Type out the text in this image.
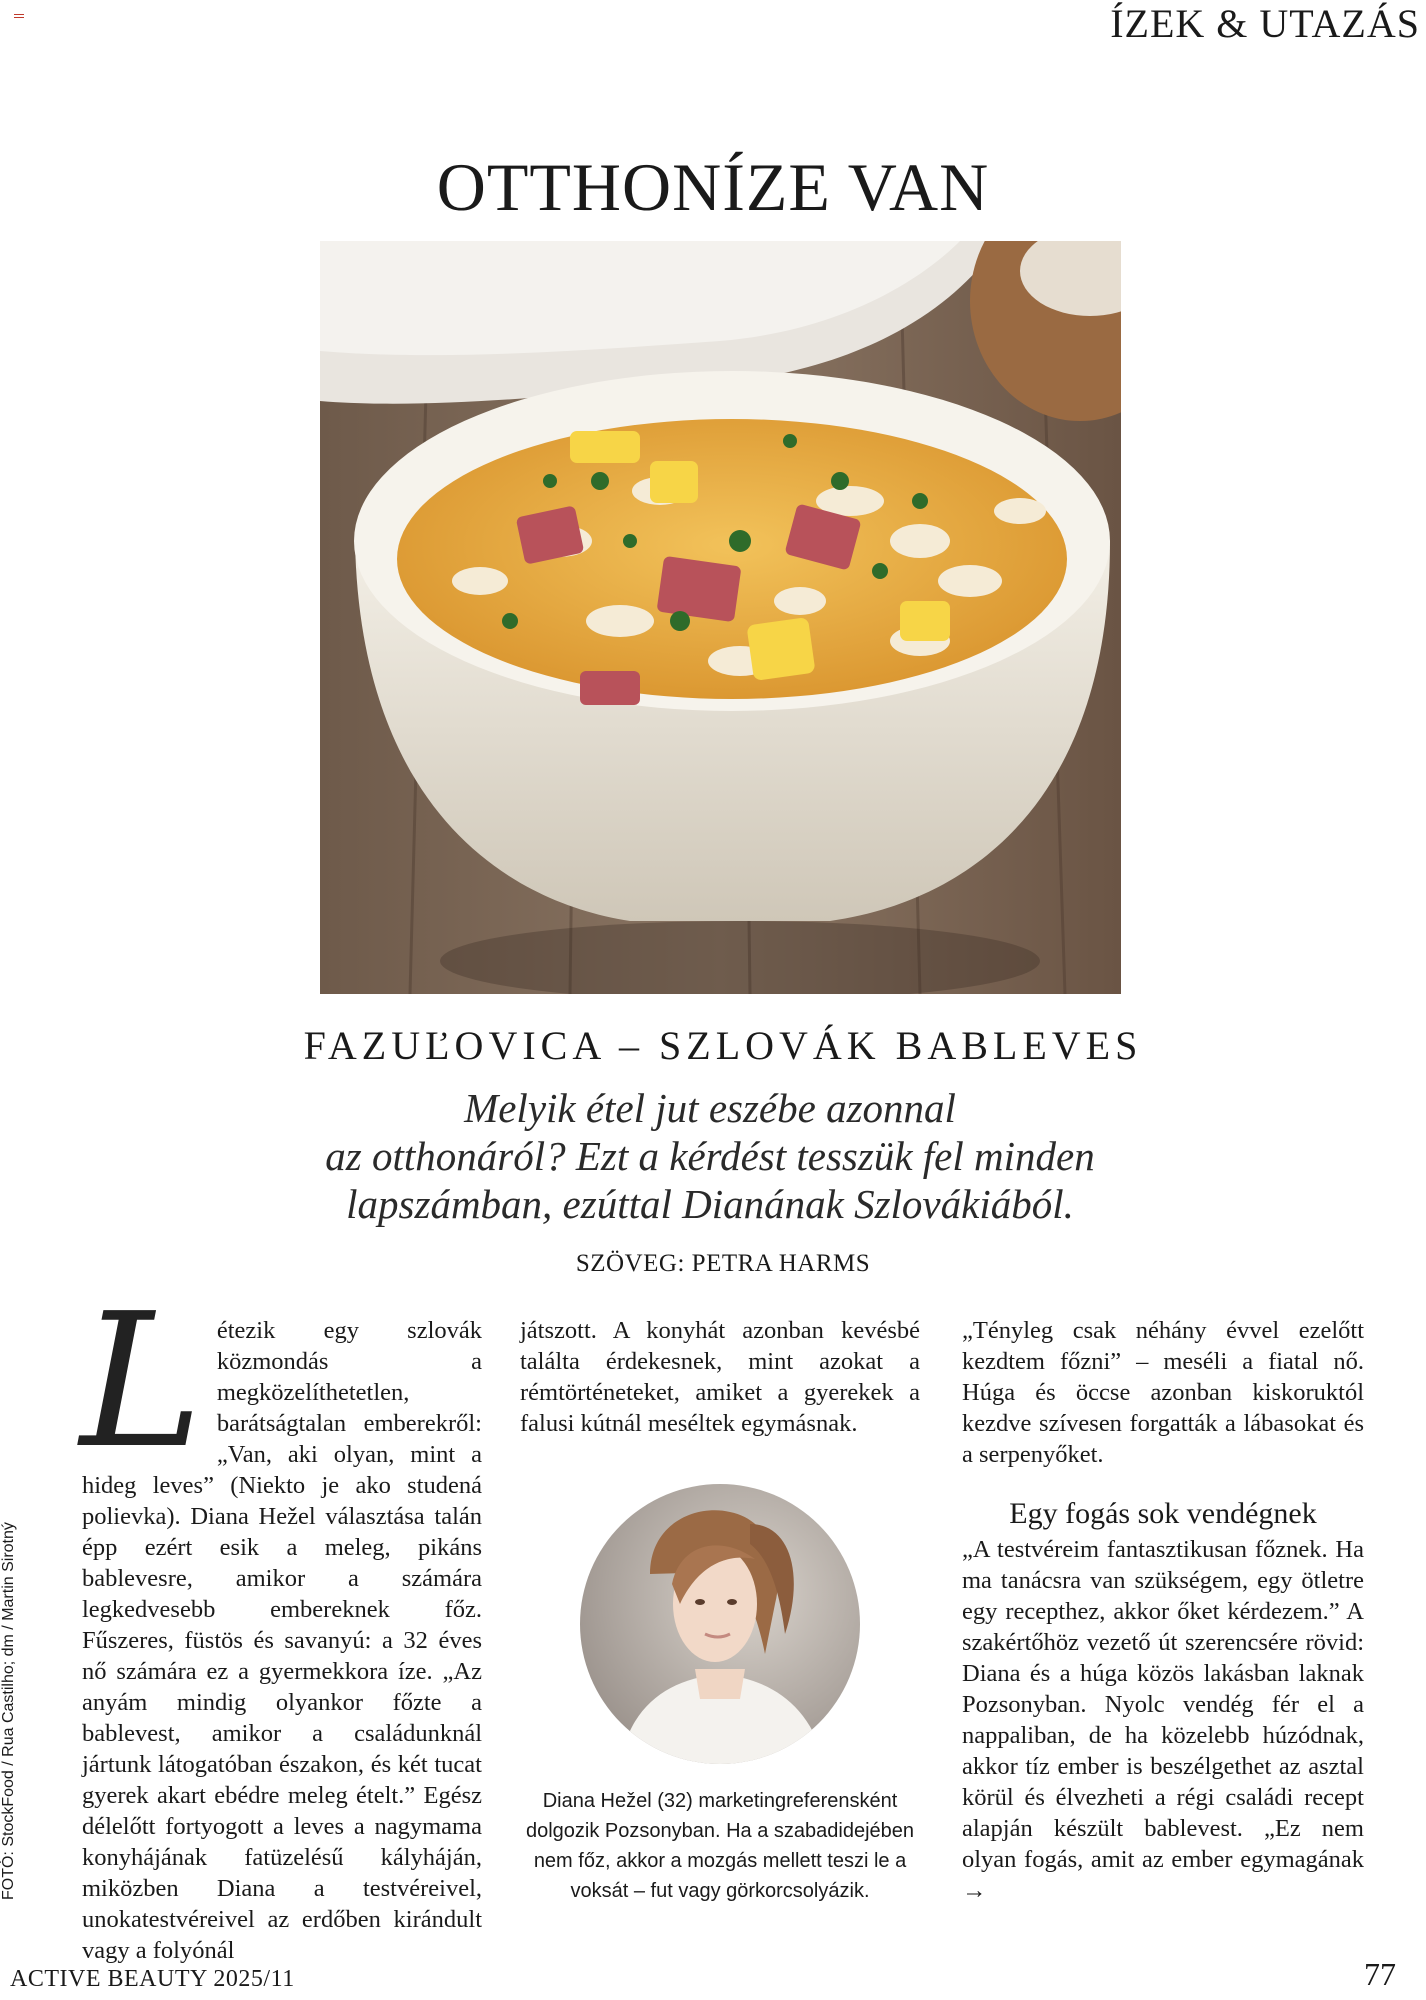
ÍZEK & UTAZÁS
OTTHONÍZE VAN
FAZUĽOVICA – SZLOVÁK BABLEVES
Melyik étel jut eszébe azonnal
az otthonáról? Ezt a kérdést tesszük fel minden
lapszámban, ezúttal Dianának Szlovákiából.
SZÖVEG: PETRA HARMS
L étezik egy szlovák közmondás a megközelíthetetlen, barátságtalan emberekről: „Van, aki olyan, mint a hideg leves” (Niekto je ako studená polievka). Diana Hežel választása talán épp ezért esik a meleg, pikáns bablevesre, amikor a számára legkedvesebb embereknek főz. Fűszeres, füstös és savanyú: a 32 éves nő számára ez a gyermekkora íze. „Az anyám mindig olyankor főzte a bablevest, amikor a családunknál jártunk látogatóban északon, és két tucat gyerek akart ebédre meleg ételt.” Egész délelőtt fortyogott a leves a nagymama konyhájának fatüzelésű kályháján, miközben Diana a testvéreivel, unokatestvéreivel az erdőben kirándult vagy a folyónál

játszott. A konyhát azonban kevésbé találta érdekesnek, mint azokat a rémtörténeteket, amiket a gyerekek a falusi kútnál meséltek egymásnak.

Diana Hežel (32) marketingreferensként
dolgozik Pozsonyban. Ha a szabadidejében
nem főz, akkor a mozgás mellett teszi le a
voksát – fut vagy görkorcsolyázik.

„Tényleg csak néhány évvel ezelőtt kezdtem főzni” – meséli a fiatal nő. Húga és öccse azonban kiskoruktól kezdve szívesen forgatták a lábasokat és a serpenyőket.

Egy fogás sok vendégnek

„A testvéreim fantasztikusan főznek. Ha ma tanácsra van szükségem, egy ötletre egy recepthez, akkor őket kérdezem.” A szakértőhöz vezető út szerencsére rövid: Diana és a húga közös lakásban laknak Pozsonyban. Nyolc vendég fér el a nappaliban, de ha közelebb húzódnak, akkor tíz ember is beszélgethet az asztal körül és élvezheti a régi családi recept alapján készült bablevest. „Ez nem olyan fogás, amit az ember egymagának →

FOTÓ: StockFood / Rua Castilho; dm / Martin Sirotný
ACTIVE BEAUTY 2025/11	77
